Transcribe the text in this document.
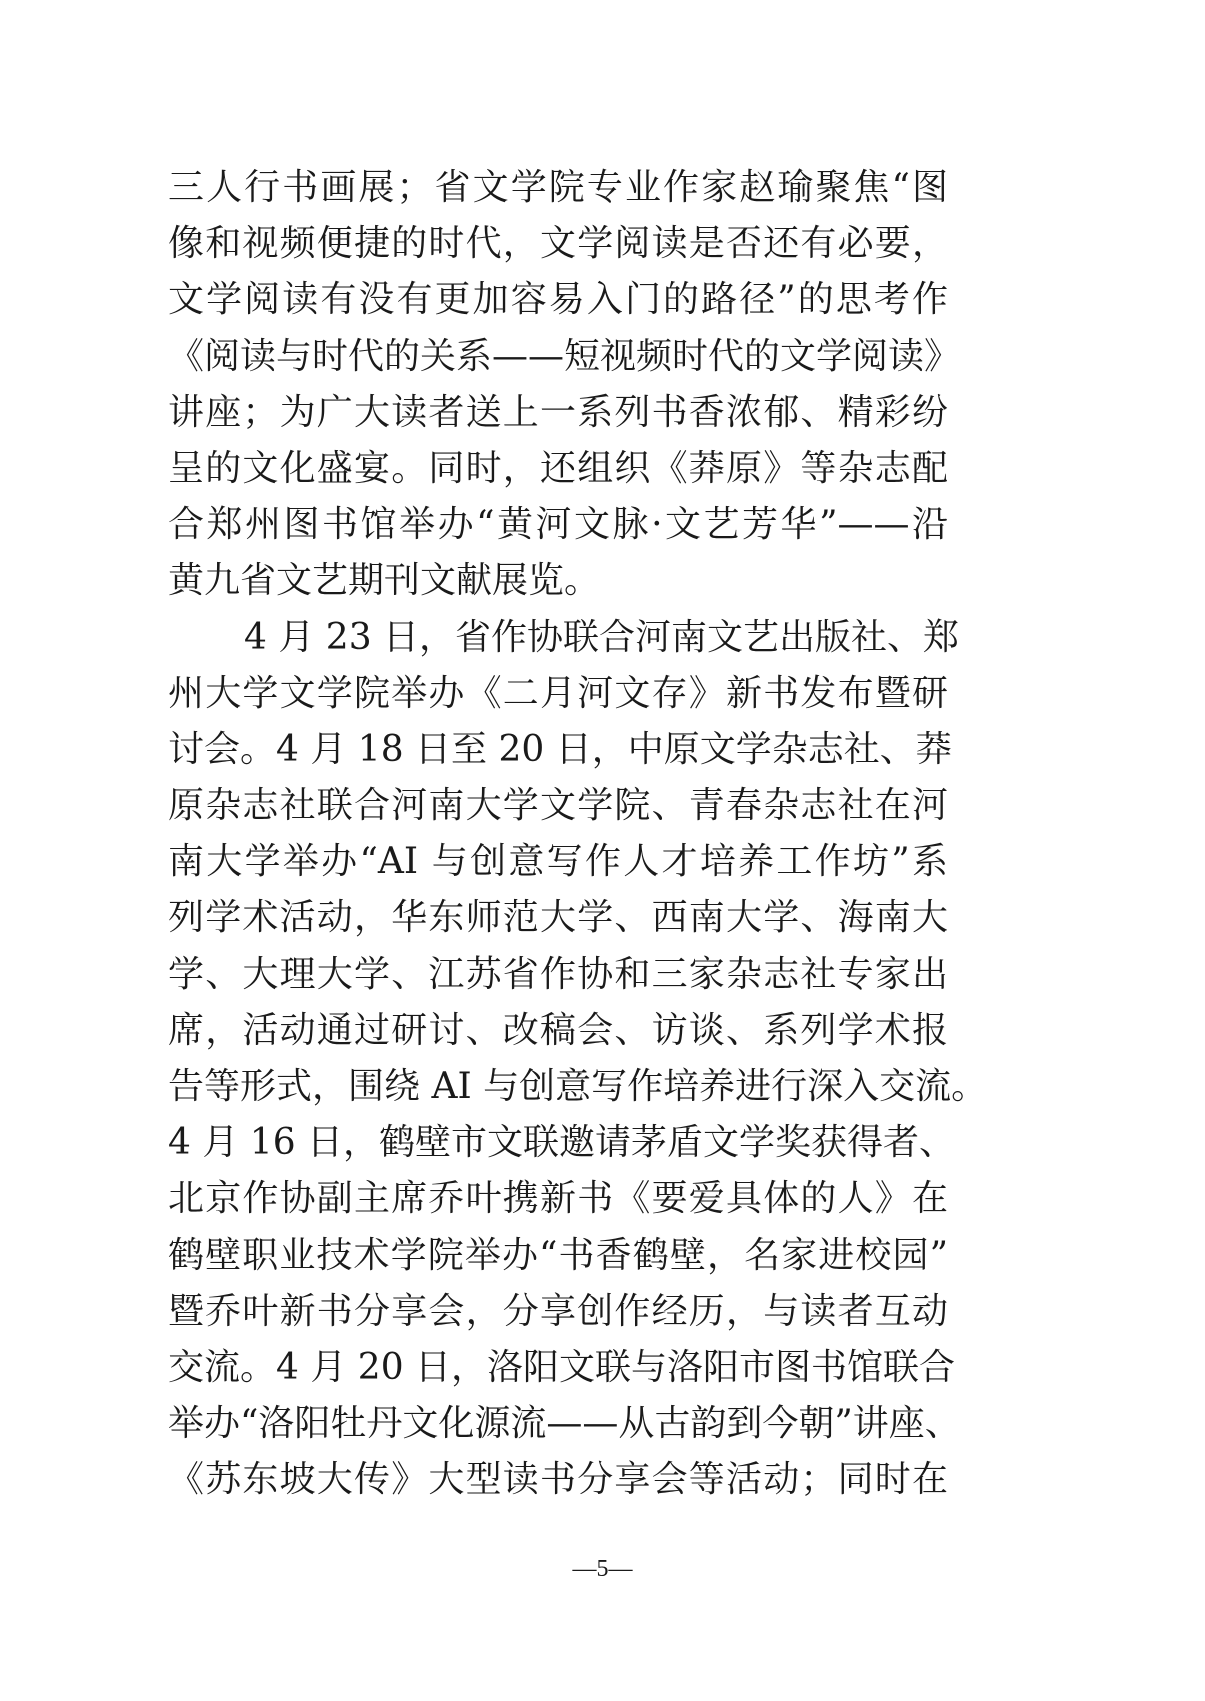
三人行书画展；省文学院专业作家赵瑜聚焦“图
像和视频便捷的时代，文学阅读是否还有必要，
文学阅读有没有更加容易入门的路径”的思考作
《阅读与时代的关系——短视频时代的文学阅读》
讲座；为广大读者送上一系列书香浓郁、精彩纷
呈的文化盛宴。同时，还组织《莽原》等杂志配
合郑州图书馆举办“黄河文脉·文艺芳华”——沿
黄九省文艺期刊文献展览。
4 月 23 日，省作协联合河南文艺出版社、郑
州大学文学院举办《二月河文存》新书发布暨研
讨会。4 月 18 日至 20 日，中原文学杂志社、莽
原杂志社联合河南大学文学院、青春杂志社在河
南大学举办“AI 与创意写作人才培养工作坊”系
列学术活动，华东师范大学、西南大学、海南大
学、大理大学、江苏省作协和三家杂志社专家出
席，活动通过研讨、改稿会、访谈、系列学术报
告等形式，围绕 AI 与创意写作培养进行深入交流。
4 月 16 日，鹤壁市文联邀请茅盾文学奖获得者、
北京作协副主席乔叶携新书《要爱具体的人》在
鹤壁职业技术学院举办“书香鹤壁，名家进校园”
暨乔叶新书分享会，分享创作经历，与读者互动
交流。4 月 20 日，洛阳文联与洛阳市图书馆联合
举办“洛阳牡丹文化源流——从古韵到今朝”讲座、
《苏东坡大传》大型读书分享会等活动；同时在
—5—
